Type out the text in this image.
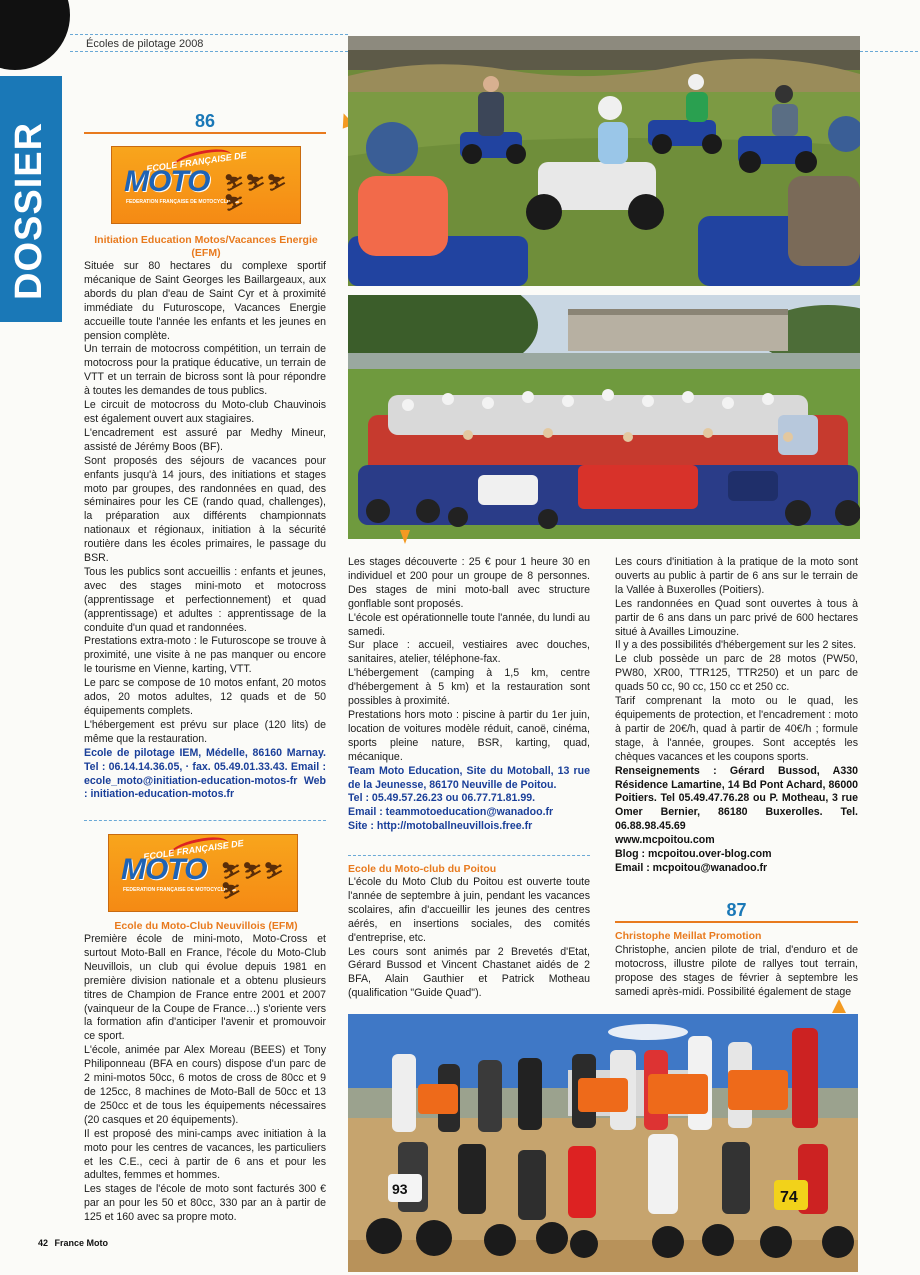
DOSSIER
Écoles de pilotage 2008
86
ECOLE FRANÇAISE DE
MOTO
FEDERATION FRANÇAISE DE MOTOCYCLISME
⛷⛷⛷⛷
Initiation Education Motos/Vacances Energie (EFM)

Située sur 80 hectares du complexe sportif mécanique de Saint Georges les Baillargeaux, aux abords du plan d'eau de Saint Cyr et à proximité immédiate du Futuroscope, Vacances Energie accueille toute l'année les enfants et les jeunes en pension complète.

Un terrain de motocross compétition, un terrain de motocross pour la pratique éducative, un terrain de VTT et un terrain de bicross sont là pour répondre à toutes les demandes de tous publics.

Le circuit de motocross du Moto-club Chauvinois est également ouvert aux stagiaires.

L'encadrement est assuré par Medhy Mineur, assisté de Jérémy Boos (BF).

Sont proposés des séjours de vacances pour enfants jusqu'à 14 jours, des initiations et stages moto par groupes, des randonnées en quad, des séminaires pour les CE (rando quad, challenges), la préparation aux différents championnats nationaux et régionaux, initiation à la sécurité routière dans les écoles primaires, le passage du BSR.

Tous les publics sont accueillis : enfants et jeunes, avec des stages mini-moto et motocross (apprentissage et perfectionnement) et quad (apprentissage) et adultes : apprentissage de la conduite d'un quad et randonnées.

Prestations extra-moto : le Futuroscope se trouve à proximité, une visite à ne pas manquer ou encore le tourisme en Vienne, karting, VTT.

Le parc se compose de 10 motos enfant, 20 motos ados, 20 motos adultes, 12 quads et de 50 équipements complets.

L'hébergement est prévu sur place (120 lits) de même que la restauration.

Ecole de pilotage IEM, Médelle, 86160 Marnay. Tel : 06.14.14.36.05, · fax. 05.49.01.33.43. Email : ecole_moto@initiation-education-motos-fr Web : initiation-education-motos.fr

ECOLE FRANÇAISE DE
MOTO
FEDERATION FRANÇAISE DE MOTOCYCLISME
⛷⛷⛷⛷
Ecole du Moto-Club Neuvillois (EFM)

Première école de mini-moto, Moto-Cross et surtout Moto-Ball en France, l'école du Moto-Club Neuvillois, un club qui évolue depuis 1981 en première division nationale et a obtenu plusieurs titres de Champion de France entre 2001 et 2007 (vainqueur de la Coupe de France…) s'oriente vers la formation afin d'anticiper l'avenir et promouvoir ce sport.

L'école, animée par Alex Moreau (BEES) et Tony Philiponneau (BFA en cours) dispose d'un parc de 2 mini-motos 50cc, 6 motos de cross de 80cc et 9 de 125cc, 8 machines de Moto-Ball de 50cc et 13 de 250cc et de tous les équipements nécessaires (20 casques et 20 équipements).

Il est proposé des mini-camps avec initiation à la moto pour les centres de vacances, les particuliers et les C.E., ceci à partir de 6 ans et pour les adultes, femmes et hommes.

Les stages de l'école de moto sont facturés 300 € par an pour les 50 et 80cc, 330 par an à partir de 125 et 160 avec sa propre moto.

Les stages découverte : 25 € pour 1 heure 30 en individuel et 200 pour un groupe de 8 personnes. Des stages de mini moto-ball avec structure gonflable sont proposés.

L'école est opérationnelle toute l'année, du lundi au samedi.

Sur place : accueil, vestiaires avec douches, sanitaires, atelier, téléphone-fax.

L'hébergement (camping à 1,5 km, centre d'hébergement à 5 km) et la restauration sont possibles à proximité.

Prestations hors moto : piscine à partir du 1er juin, location de voitures modèle réduit, canoë, cinéma, sports pleine nature, BSR, karting, quad, mécanique.

Team Moto Education, Site du Motoball, 13 rue de la Jeunesse, 86170 Neuville de Poitou.

Tel : 05.49.57.26.23 ou 06.77.71.81.99.

Email : teammotoeducation@wanadoo.fr

Site : http://motoballneuvillois.free.fr

Ecole du Moto-club du Poitou

L'école du Moto Club du Poitou est ouverte toute l'année de septembre à juin, pendant les vacances scolaires, afin d'accueillir les jeunes des centres aérés, en insertions sociales, des comités d'entreprise, etc.

Les cours sont animés par 2 Brevetés d'Etat, Gérard Bussod et Vincent Chastanet aidés de 2 BFA, Alain Gauthier et Patrick Motheau (qualification "Guide Quad").

Les cours d'initiation à la pratique de la moto sont ouverts au public à partir de 6 ans sur le terrain de la Vallée à Buxerolles (Poitiers).

Les randonnées en Quad sont ouvertes à tous à partir de 6 ans dans un parc privé de 600 hectares situé à Availles Limouzine.

Il y a des possibilités d'hébergement sur les 2 sites.

Le club possède un parc de 28 motos (PW50, PW80, XR00, TTR125, TTR250) et un parc de quads 50 cc, 90 cc, 150 cc et 250 cc.

Tarif comprenant la moto ou le quad, les équipements de protection, et l'encadrement : moto à partir de 20€/h, quad à partir de 40€/h ; formule stage, à l'année, groupes. Sont acceptés les chèques vacances et les coupons sports.

Renseignements : Gérard Bussod, A330 Résidence Lamartine, 14 Bd Pont Achard, 86000 Poitiers. Tel 05.49.47.76.28 ou P. Motheau, 3 rue Omer Bernier, 86180 Buxerolles. Tel. 06.88.98.45.69

www.mcpoitou.com

Blog : mcpoitou.over-blog.com

Email : mcpoitou@wanadoo.fr

87
Christophe Meillat Promotion

Christophe, ancien pilote de trial, d'enduro et de motocross, illustre pilote de rallyes tout terrain, propose des stages de février à septembre les samedi après-midi. Possibilité également de stage

74
93
42 France Moto
